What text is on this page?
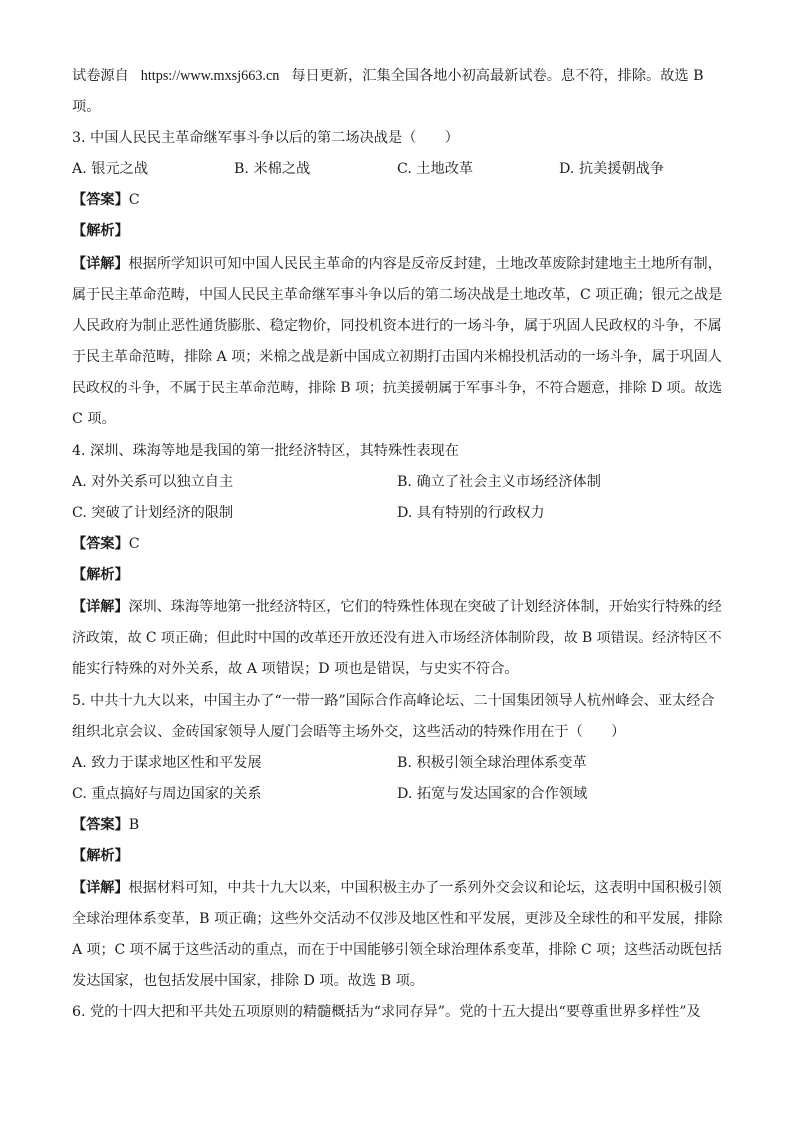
试卷源自 https://www.mxsj663.cn 每日更新，汇集全国各地小初高最新试卷。息不符，排除。故选 B
项。
3. 中国人民民主革命继军事斗争以后的第二场决战是（　　）
A. 银元之战	B. 米棉之战	C. 土地改革	D. 抗美援朝战争
【答案】C
【解析】
【详解】根据所学知识可知中国人民民主革命的内容是反帝反封建，土地改革废除封建地主土地所有制，
属于民主革命范畴，中国人民民主革命继军事斗争以后的第二场决战是土地改革，C 项正确；银元之战是
人民政府为制止恶性通货膨胀、稳定物价，同投机资本进行的一场斗争，属于巩固人民政权的斗争，不属
于民主革命范畴，排除 A 项；米棉之战是新中国成立初期打击国内米棉投机活动的一场斗争，属于巩固人
民政权的斗争，不属于民主革命范畴，排除 B 项；抗美援朝属于军事斗争，不符合题意，排除 D 项。故选
C 项。
4. 深圳、珠海等地是我国的第一批经济特区，其特殊性表现在
A. 对外关系可以独立自主	B. 确立了社会主义市场经济体制
C. 突破了计划经济的限制	D. 具有特别的行政权力
【答案】C
【解析】
【详解】深圳、珠海等地第一批经济特区，它们的特殊性体现在突破了计划经济体制，开始实行特殊的经
济政策，故 C 项正确；但此时中国的改革还开放还没有进入市场经济体制阶段，故 B 项错误。经济特区不
能实行特殊的对外关系，故 A 项错误；D 项也是错误，与史实不符合。
5. 中共十九大以来，中国主办了“一带一路”国际合作高峰论坛、二十国集团领导人杭州峰会、亚太经合
组织北京会议、金砖国家领导人厦门会晤等主场外交，这些活动的特殊作用在于（　　）
A. 致力于谋求地区性和平发展	B. 积极引领全球治理体系变革
C. 重点搞好与周边国家的关系	D. 拓宽与发达国家的合作领域
【答案】B
【解析】
【详解】根据材料可知，中共十九大以来，中国积极主办了一系列外交会议和论坛，这表明中国积极引领
全球治理体系变革，B 项正确；这些外交活动不仅涉及地区性和平发展，更涉及全球性的和平发展，排除
A 项；C 项不属于这些活动的重点，而在于中国能够引领全球治理体系变革，排除 C 项；这些活动既包括
发达国家，也包括发展中国家，排除 D 项。故选 B 项。
6. 党的十四大把和平共处五项原则的精髓概括为“求同存异”。党的十五大提出“要尊重世界多样性”及
